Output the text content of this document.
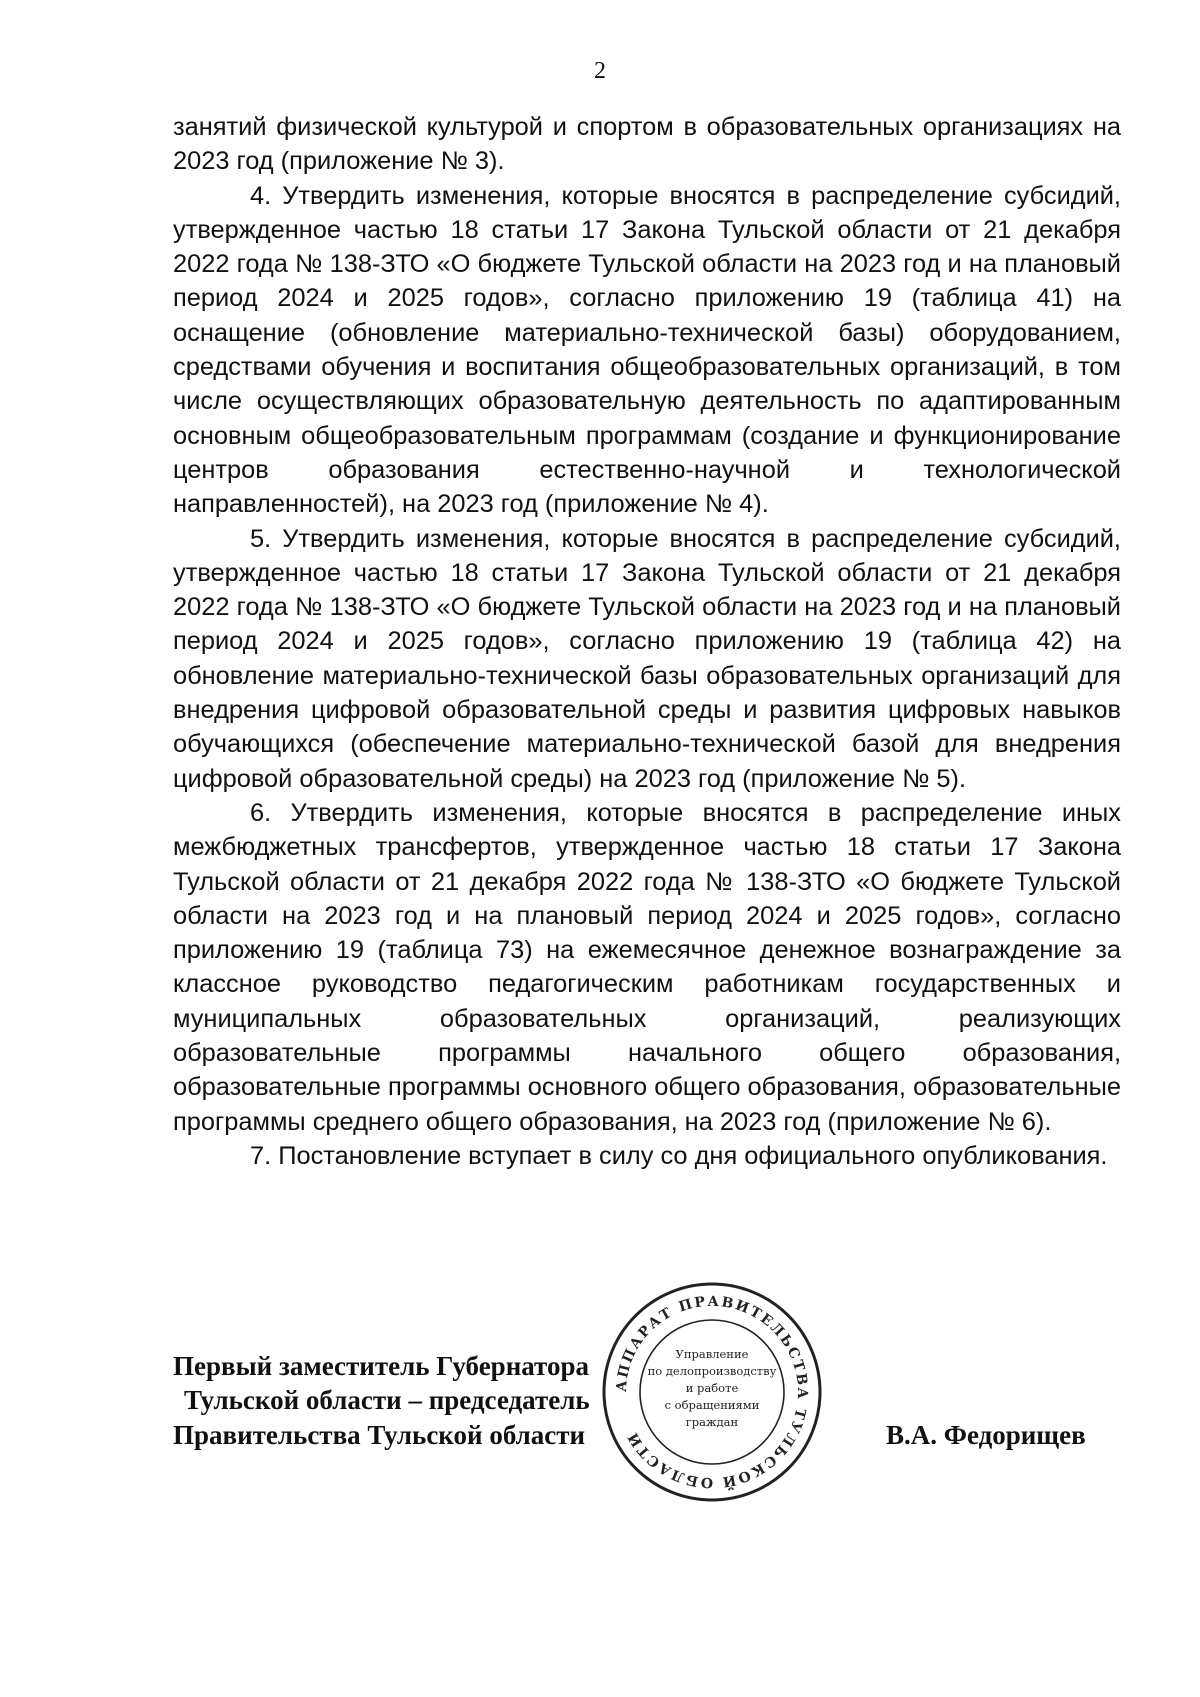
2

занятий физической культурой и спортом в образовательных организациях на 2023 год (приложение № 3).

4. Утвердить изменения, которые вносятся в распределение субсидий, утвержденное частью 18 статьи 17 Закона Тульской области от 21 декабря 2022 года № 138-ЗТО «О бюджете Тульской области на 2023 год и на плановый период 2024 и 2025 годов», согласно приложению 19 (таблица 41) на оснащение (обновление материально-технической базы) оборудованием, средствами обучения и воспитания общеобразовательных организаций, в том числе осуществляющих образовательную деятельность по адаптированным основным общеобразовательным программам (создание и функционирование центров образования естественно-научной и технологической направленностей), на 2023 год (приложение № 4).

5. Утвердить изменения, которые вносятся в распределение субсидий, утвержденное частью 18 статьи 17 Закона Тульской области от 21 декабря 2022 года № 138-ЗТО «О бюджете Тульской области на 2023 год и на плановый период 2024 и 2025 годов», согласно приложению 19 (таблица 42) на обновление материально-технической базы образовательных организаций для внедрения цифровой образовательной среды и развития цифровых навыков обучающихся (обеспечение материально-технической базой для внедрения цифровой образовательной среды) на 2023 год (приложение № 5).

6. Утвердить изменения, которые вносятся в распределение иных межбюджетных трансфертов, утвержденное частью 18 статьи 17 Закона Тульской области от 21 декабря 2022 года № 138-ЗТО «О бюджете Тульской области на 2023 год и на плановый период 2024 и 2025 годов», согласно приложению 19 (таблица 73) на ежемесячное денежное вознаграждение за классное руководство педагогическим работникам государственных и муниципальных образовательных организаций, реализующих образовательные программы начального общего образования, образовательные программы основного общего образования, образовательные программы среднего общего образования, на 2023 год (приложение № 6).

7. Постановление вступает в силу со дня официального опубликования.

Первый заместитель Губернатора
Тульской области – председатель
Правительства Тульской области	В.А. Федорищев
АППАРАТ ПРАВИТЕЛЬСТВА ТУЛЬСКОЙ ОБЛАСТИ
Управление
по делопроизводству
и работе
с обращениями
граждан
